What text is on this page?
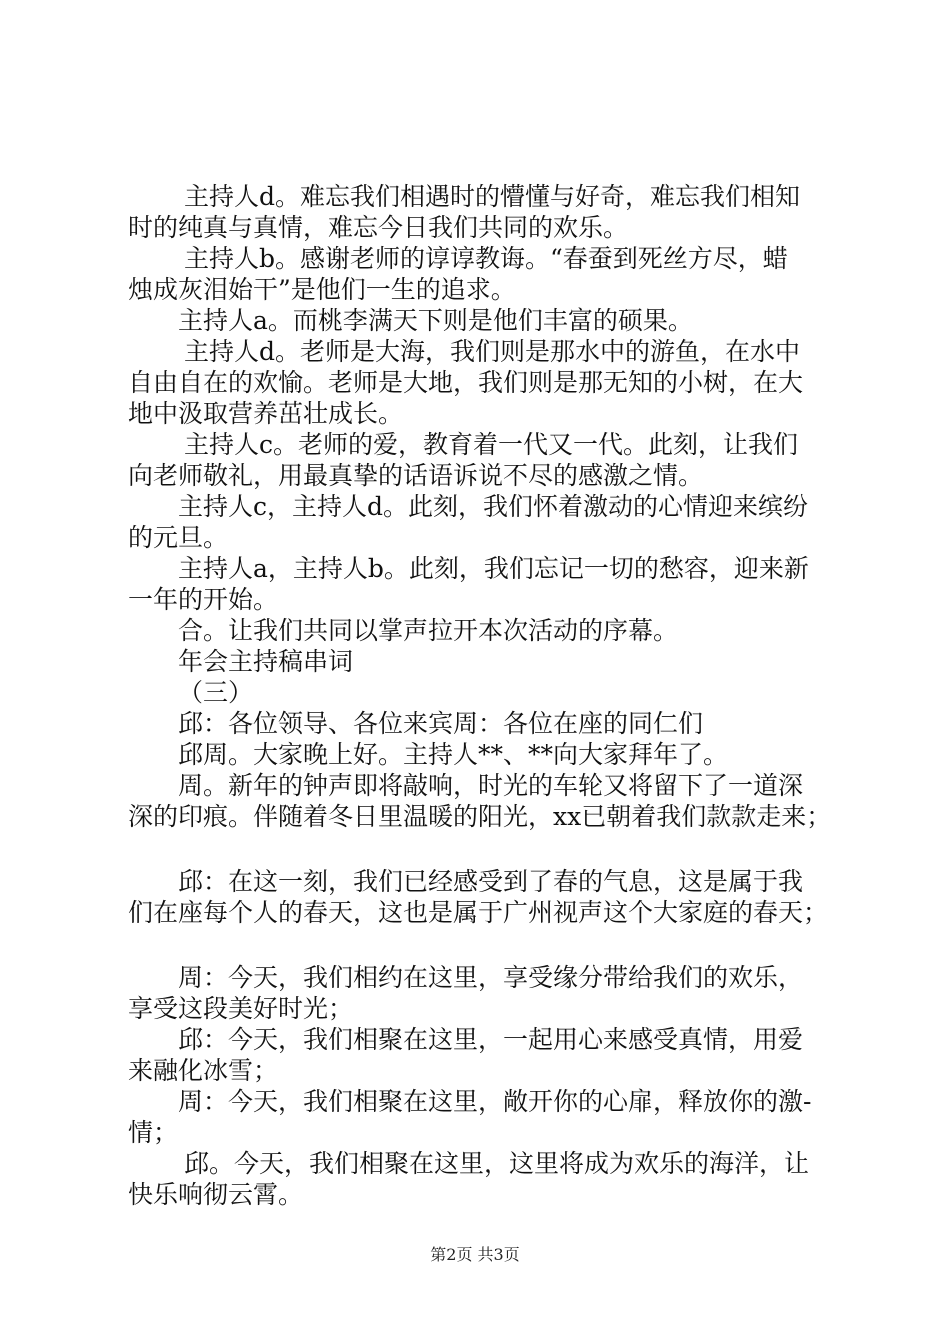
主持人d。难忘我们相遇时的懵懂与好奇，难忘我们相知
时的纯真与真情，难忘今日我们共同的欢乐。
主持人b。感谢老师的谆谆教诲。“春蚕到死丝方尽，蜡
烛成灰泪始干”是他们一生的追求。
主持人a。而桃李满天下则是他们丰富的硕果。
主持人d。老师是大海，我们则是那水中的游鱼，在水中
自由自在的欢愉。老师是大地，我们则是那无知的小树，在大
地中汲取营养茁壮成长。
主持人c。老师的爱，教育着一代又一代。此刻，让我们
向老师敬礼，用最真挚的话语诉说不尽的感激之情。
主持人c，主持人d。此刻，我们怀着激动的心情迎来缤纷
的元旦。
主持人a，主持人b。此刻，我们忘记一切的愁容，迎来新
一年的开始。
合。让我们共同以掌声拉开本次活动的序幕。
年会主持稿串词
（三）
邱：各位领导、各位来宾周：各位在座的同仁们
邱周。大家晚上好。主持人**、**向大家拜年了。
周。新年的钟声即将敲响，时光的车轮又将留下了一道深
深的印痕。伴随着冬日里温暖的阳光，xx已朝着我们款款走来；
邱：在这一刻，我们已经感受到了春的气息，这是属于我
们在座每个人的春天，这也是属于广州视声这个大家庭的春天；
周：今天，我们相约在这里，享受缘分带给我们的欢乐，
享受这段美好时光；
邱：今天，我们相聚在这里，一起用心来感受真情，用爱
来融化冰雪；
周：今天，我们相聚在这里，敞开你的心扉，释放你的激-
情；
邱。今天，我们相聚在这里，这里将成为欢乐的海洋，让
快乐响彻云霄。
第2页 共3页
